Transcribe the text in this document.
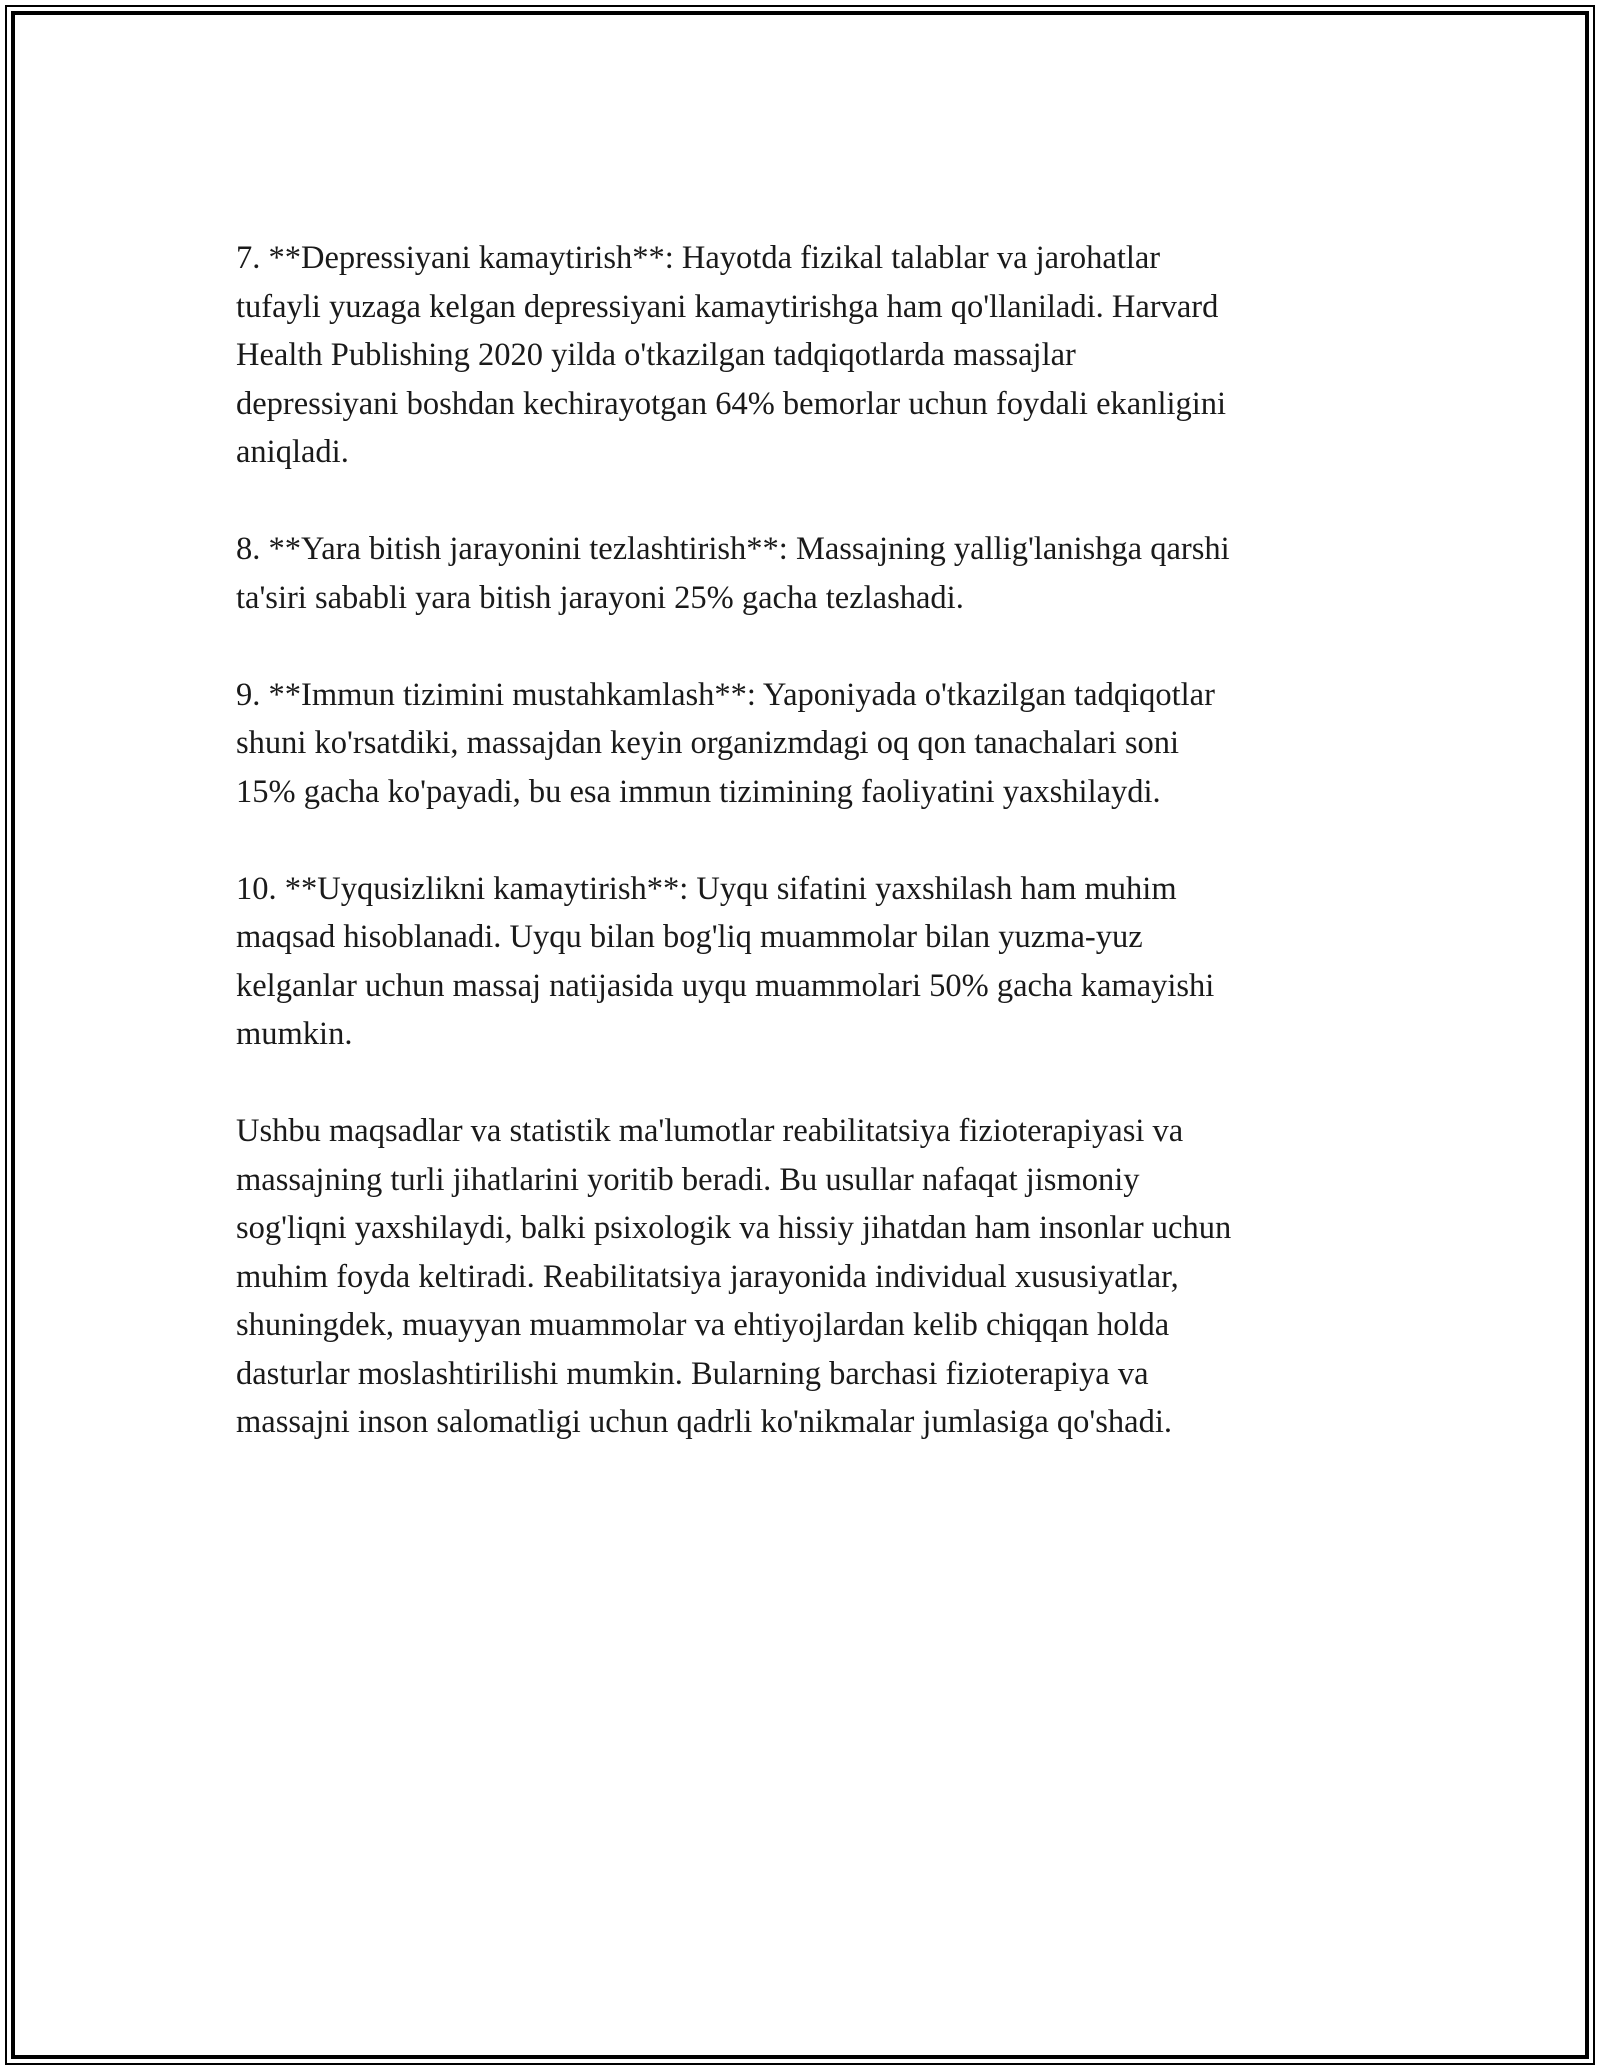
7. **Depressiyani kamaytirish**: Hayotda fizikal talablar va jarohatlar
tufayli yuzaga kelgan depressiyani kamaytirishga ham qo'llaniladi. Harvard
Health Publishing 2020 yilda o'tkazilgan tadqiqotlarda massajlar
depressiyani boshdan kechirayotgan 64% bemorlar uchun foydali ekanligini
aniqladi.

8. **Yara bitish jarayonini tezlashtirish**: Massajning yallig'lanishga qarshi
ta'siri sababli yara bitish jarayoni 25% gacha tezlashadi.

9. **Immun tizimini mustahkamlash**: Yaponiyada o'tkazilgan tadqiqotlar
shuni ko'rsatdiki, massajdan keyin organizmdagi oq qon tanachalari soni
15% gacha ko'payadi, bu esa immun tizimining faoliyatini yaxshilaydi.

10. **Uyqusizlikni kamaytirish**: Uyqu sifatini yaxshilash ham muhim
maqsad hisoblanadi. Uyqu bilan bog'liq muammolar bilan yuzma-yuz
kelganlar uchun massaj natijasida uyqu muammolari 50% gacha kamayishi
mumkin.

Ushbu maqsadlar va statistik ma'lumotlar reabilitatsiya fizioterapiyasi va
massajning turli jihatlarini yoritib beradi. Bu usullar nafaqat jismoniy
sog'liqni yaxshilaydi, balki psixologik va hissiy jihatdan ham insonlar uchun
muhim foyda keltiradi. Reabilitatsiya jarayonida individual xususiyatlar,
shuningdek, muayyan muammolar va ehtiyojlardan kelib chiqqan holda
dasturlar moslashtirilishi mumkin. Bularning barchasi fizioterapiya va
massajni inson salomatligi uchun qadrli ko'nikmalar jumlasiga qo'shadi.
